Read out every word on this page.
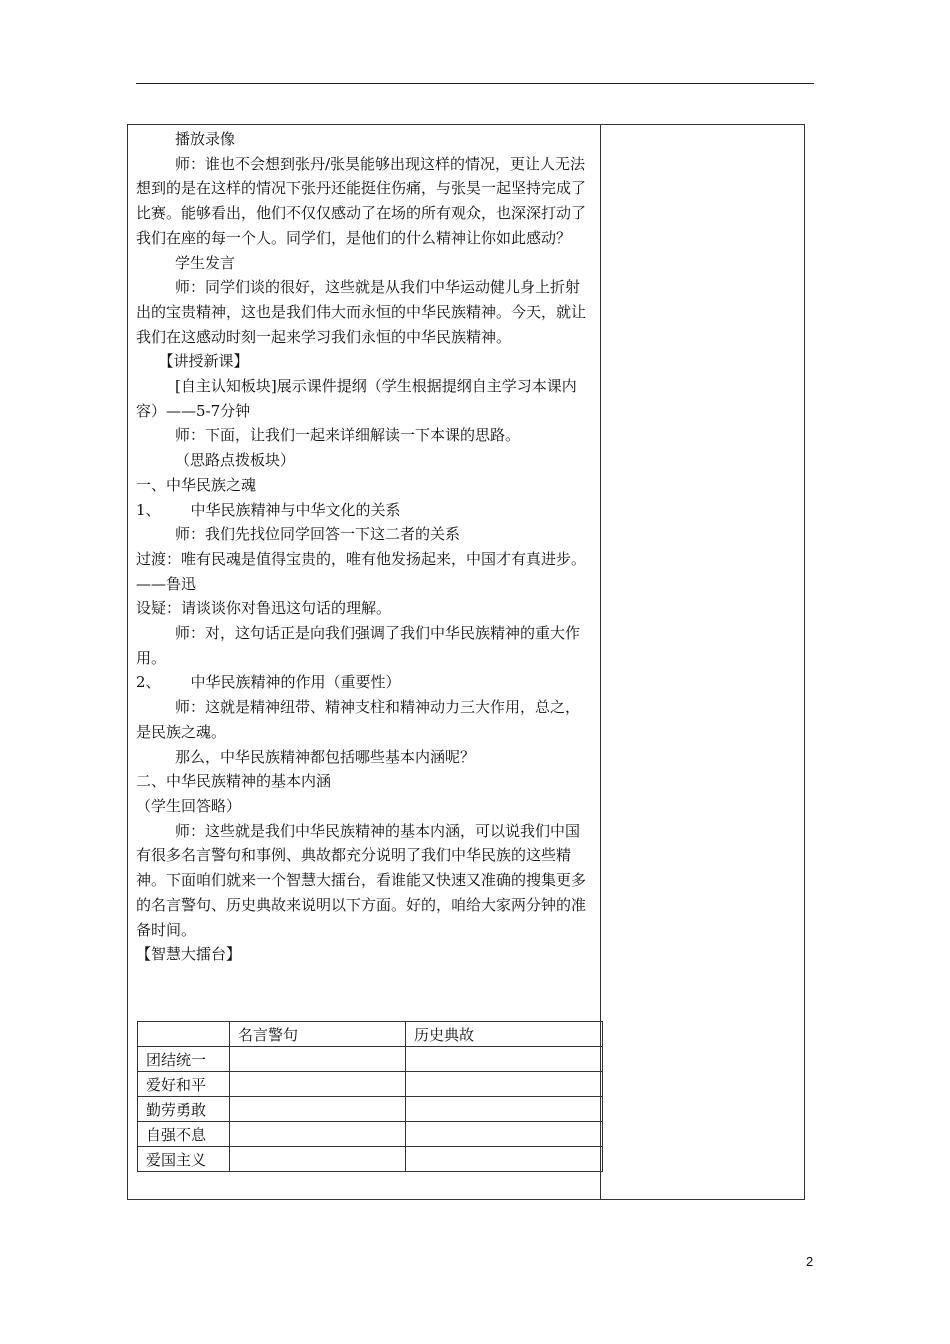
播放录像

师：谁也不会想到张丹/张昊能够出现这样的情况，更让人无法想到的是在这样的情况下张丹还能挺住伤痛，与张昊一起坚持完成了比赛。能够看出，他们不仅仅感动了在场的所有观众，也深深打动了我们在座的每一个人。同学们，是他们的什么精神让你如此感动？

学生发言

师：同学们谈的很好，这些就是从我们中华运动健儿身上折射出的宝贵精神，这也是我们伟大而永恒的中华民族精神。今天，就让我们在这感动时刻一起来学习我们永恒的中华民族精神。

【讲授新课】

[自主认知板块]展示课件提纲（学生根据提纲自主学习本课内容）——5-7分钟

师：下面，让我们一起来详细解读一下本课的思路。

（思路点拨板块）

一、中华民族之魂

1、 中华民族精神与中华文化的关系

师：我们先找位同学回答一下这二者的关系

过渡：唯有民魂是值得宝贵的，唯有他发扬起来，中国才有真进步。——鲁迅

设疑：请谈谈你对鲁迅这句话的理解。

师：对，这句话正是向我们强调了我们中华民族精神的重大作用。

2、 中华民族精神的作用（重要性）

师：这就是精神纽带、精神支柱和精神动力三大作用，总之，是民族之魂。

那么，中华民族精神都包括哪些基本内涵呢？

二、中华民族精神的基本内涵

（学生回答略）

师：这些就是我们中华民族精神的基本内涵，可以说我们中国有很多名言警句和事例、典故都充分说明了我们中华民族的这些精神。下面咱们就来一个智慧大擂台，看谁能又快速又准确的搜集更多的名言警句、历史典故来说明以下方面。好的，咱给大家两分钟的准备时间。

【智慧大擂台】

	名言警句	历史典故
团结统一		
爱好和平		
勤劳勇敢		
自强不息		
爱国主义		
2
